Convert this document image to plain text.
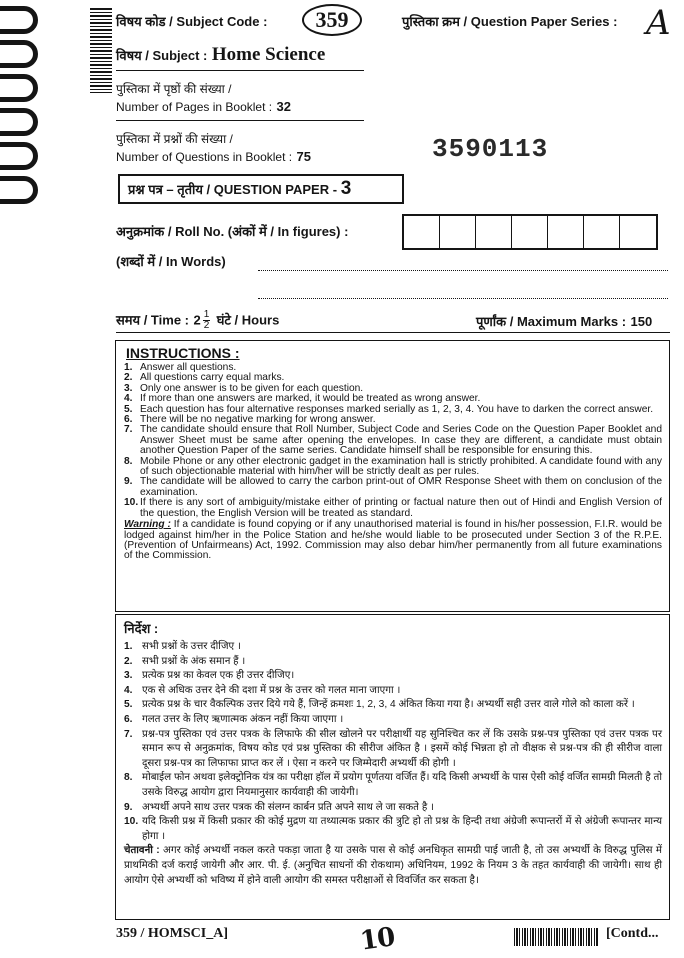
विषय कोड / Subject Code :	359	पुस्तिका क्रम / Question Paper Series : A
विषय / Subject : Home Science
पुस्तिका में पृष्ठों की संख्या /
Number of Pages in Booklet : 32
पुस्तिका में प्रश्नों की संख्या /
Number of Questions in Booklet : 75	3590113
प्रश्न पत्र – तृतीय / QUESTION PAPER - 3
अनुक्रमांक / Roll No. (अंकों में / In figures) :
(शब्दों में / In Words)
समय / Time : $2 \frac{1}{2}$ घंटे / Hours	पूर्णांक / Maximum Marks : 150
INSTRUCTIONS :
1. Answer all questions.
2. All questions carry equal marks.
3. Only one answer is to be given for each question.
4. If more than one answers are marked, it would be treated as wrong answer.
5. Each question has four alternative responses marked serially as 1, 2, 3, 4. You have to darken the correct answer.
6. There will be no negative marking for wrong answer.
7. The candidate should ensure that Roll Number, Subject Code and Series Code on the Question Paper Booklet and Answer Sheet must be same after opening the envelopes. In case they are different, a candidate must obtain another Question Paper of the same series. Candidate himself shall be responsible for ensuring this.
8. Mobile Phone or any other electronic gadget in the examination hall is strictly prohibited. A candidate found with any of such objectionable material with him/her will be strictly dealt as per rules.
9. The candidate will be allowed to carry the carbon print-out of OMR Response Sheet with them on conclusion of the examination.
10. If there is any sort of ambiguity/mistake either of printing or factual nature then out of Hindi and English Version of the question, the English Version will be treated as standard.
Warning : If a candidate is found copying or if any unauthorised material is found in his/her possession, F.I.R. would be lodged against him/her in the Police Station and he/she would liable to be prosecuted under Section 3 of the R.P.E. (Prevention of Unfairmeans) Act, 1992. Commission may also debar him/her permanently from all future examinations of the Commission.
निर्देश :
1. सभी प्रश्नों के उत्तर दीजिए ।
2. सभी प्रश्नों के अंक समान हैं ।
3. प्रत्येक प्रश्न का केवल एक ही उत्तर दीजिए।
4. एक से अधिक उत्तर देने की दशा में प्रश्न के उत्तर को गलत माना जाएगा ।
5. प्रत्येक प्रश्न के चार वैकल्पिक उत्तर दिये गये हैं, जिन्हें क्रमशः 1, 2, 3, 4 अंकित किया गया है। अभ्यर्थी सही उत्तर वाले गोले को काला करें ।
6. गलत उत्तर के लिए ऋणात्मक अंकन नहीं किया जाएगा ।
7. प्रश्न-पत्र पुस्तिका एवं उत्तर पत्रक के लिफाफे की सील खोलने पर परीक्षार्थी यह सुनिश्चित कर लें कि उसके प्रश्न-पत्र पुस्तिका एवं उत्तर पत्रक पर समान रूप से अनुक्रमांक, विषय कोड एवं प्रश्न पुस्तिका की सीरीज अंकित है । इसमें कोई भिन्नता हो तो वीक्षक से प्रश्न-पत्र की ही सीरीज वाला दूसरा प्रश्न-पत्र का लिफाफा प्राप्त कर लें । ऐसा न करने पर जिम्मेदारी अभ्यर्थी की होगी ।
8. मोबाईल फोन अथवा इलेक्ट्रोनिक यंत्र का परीक्षा हॉल में प्रयोग पूर्णतया वर्जित हैं। यदि किसी अभ्यर्थी के पास ऐसी कोई वर्जित सामग्री मिलती है तो उसके विरुद्ध आयोग द्वारा नियमानुसार कार्यवाही की जायेगी।
9. अभ्यर्थी अपने साथ उत्तर पत्रक की संलग्न कार्बन प्रति अपने साथ ले जा सकते है ।
10. यदि किसी प्रश्न में किसी प्रकार की कोई मुद्रण या तथ्यात्मक प्रकार की त्रुटि हो तो प्रश्न के हिन्दी तथा अंग्रेजी रूपान्तरों में से अंग्रेजी रूपान्तर मान्य होगा ।
चेतावनी : अगर कोई अभ्यर्थी नकल करते पकड़ा जाता है या उसके पास से कोई अनधिकृत सामग्री पाई जाती है, तो उस अभ्यर्थी के विरुद्ध पुलिस में प्राथमिकी दर्ज कराई जायेगी और आर. पी. ई. (अनुचित साधनों की रोकथाम) अधिनियम, 1992 के नियम 3 के तहत कार्यवाही की जायेगी। साथ ही आयोग ऐसे अभ्यर्थी को भविष्य में होने वाली आयोग की समस्त परीक्षाओं से विवर्जित कर सकता है।
359 / HOMSCI_A]	10	[Contd...
